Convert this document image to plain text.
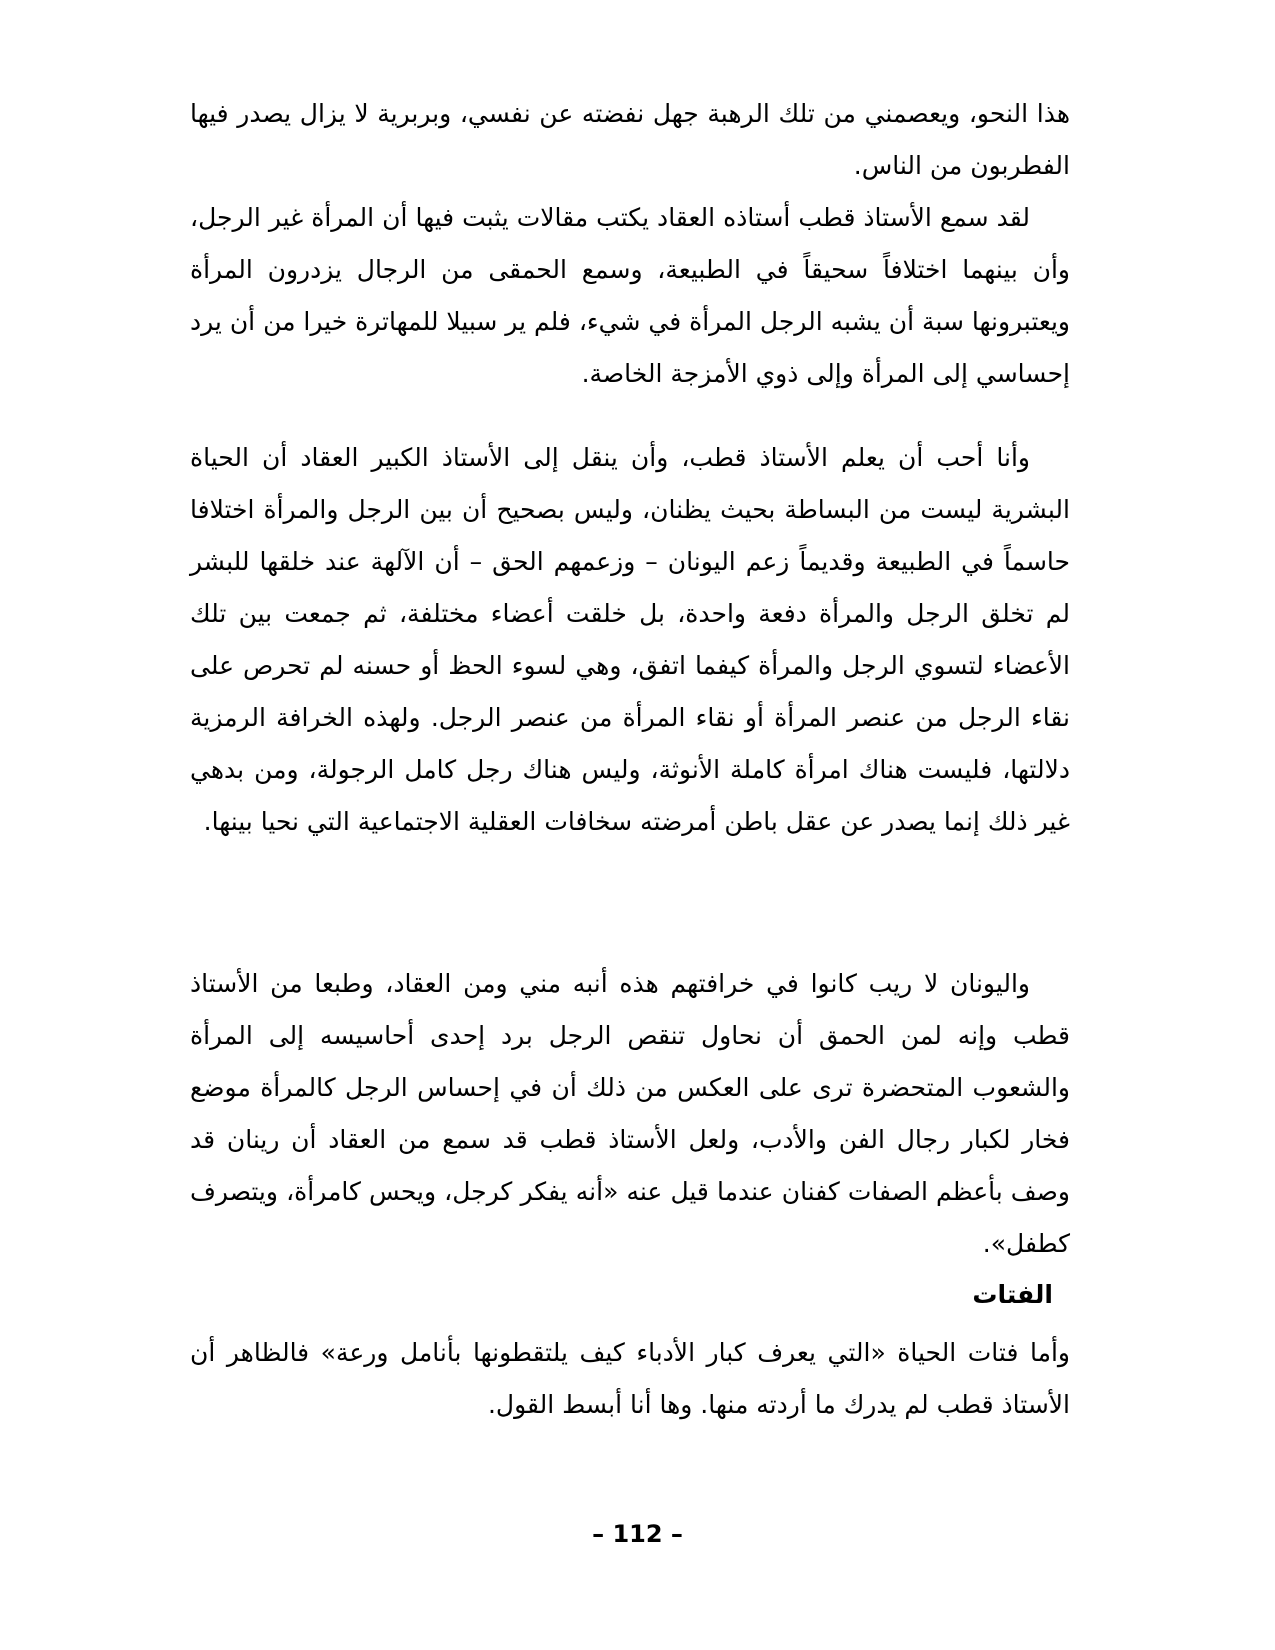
هذا النحو، ويعصمني من تلك الرهبة جهل نفضته عن نفسي، وبربرية لا يزال يصدر فيها الفطربون من الناس.

لقد سمع الأستاذ قطب أستاذه العقاد يكتب مقالات يثبت فيها أن المرأة غير الرجل، وأن بينهما اختلافاً سحيقاً في الطبيعة، وسمع الحمقى من الرجال يزدرون المرأة ويعتبرونها سبة أن يشبه الرجل المرأة في شيء، فلم ير سبيلا للمهاترة خيرا من أن يرد إحساسي إلى المرأة وإلى ذوي الأمزجة الخاصة.

وأنا أحب أن يعلم الأستاذ قطب، وأن ينقل إلى الأستاذ الكبير العقاد أن الحياة البشرية ليست من البساطة بحيث يظنان، وليس بصحيح أن بين الرجل والمرأة اختلافا حاسماً في الطبيعة وقديماً زعم اليونان – وزعمهم الحق – أن الآلهة عند خلقها للبشر لم تخلق الرجل والمرأة دفعة واحدة، بل خلقت أعضاء مختلفة، ثم جمعت بين تلك الأعضاء لتسوي الرجل والمرأة كيفما اتفق، وهي لسوء الحظ أو حسنه لم تحرص على نقاء الرجل من عنصر المرأة أو نقاء المرأة من عنصر الرجل. ولهذه الخرافة الرمزية دلالتها، فليست هناك امرأة كاملة الأنوثة، وليس هناك رجل كامل الرجولة، ومن بدهي غير ذلك إنما يصدر عن عقل باطن أمرضته سخافات العقلية الاجتماعية التي نحيا بينها.

واليونان لا ريب كانوا في خرافتهم هذه أنبه مني ومن العقاد، وطبعا من الأستاذ قطب وإنه لمن الحمق أن نحاول تنقص الرجل برد إحدى أحاسيسه إلى المرأة والشعوب المتحضرة ترى على العكس من ذلك أن في إحساس الرجل كالمرأة موضع فخار لكبار رجال الفن والأدب، ولعل الأستاذ قطب قد سمع من العقاد أن رينان قد وصف بأعظم الصفات كفنان عندما قيل عنه «أنه يفكر كرجل، ويحس كامرأة، ويتصرف كطفل».

الفتات

وأما فتات الحياة «التي يعرف كبار الأدباء كيف يلتقطونها بأنامل ورعة» فالظاهر أن الأستاذ قطب لم يدرك ما أردته منها. وها أنا أبسط القول.

– 112 –
